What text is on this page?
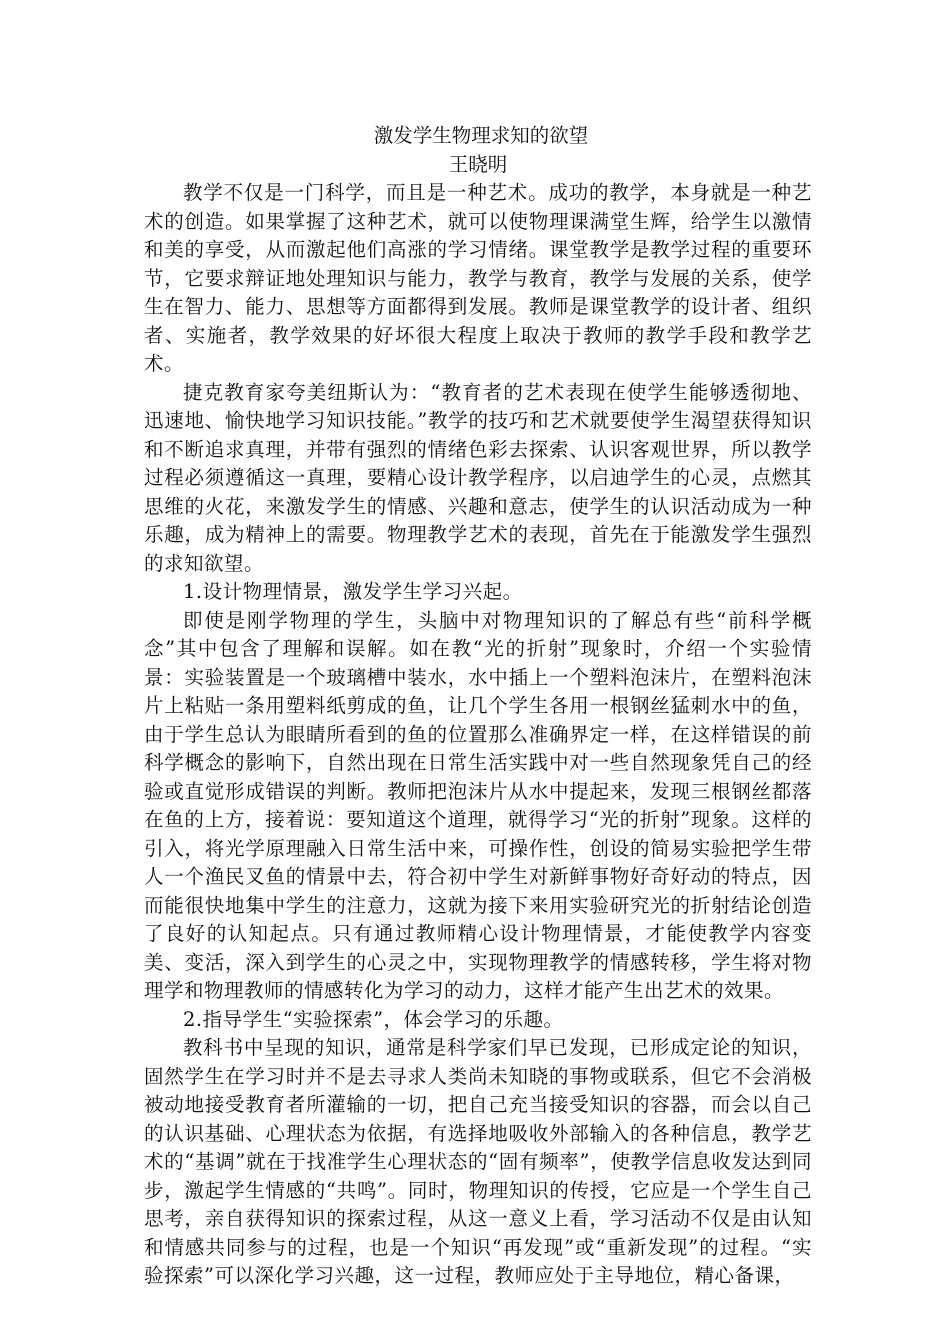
激发学生物理求知的欲望

王晓明

教学不仅是一门科学，而且是一种艺术。成功的教学，本身就是一种艺术的创造。如果掌握了这种艺术，就可以使物理课满堂生辉，给学生以激情和美的享受，从而激起他们高涨的学习情绪。课堂教学是教学过程的重要环节，它要求辩证地处理知识与能力，教学与教育，教学与发展的关系，使学生在智力、能力、思想等方面都得到发展。教师是课堂教学的设计者、组织者、实施者，教学效果的好坏很大程度上取决于教师的教学手段和教学艺术。

捷克教育家夸美纽斯认为：“教育者的艺术表现在使学生能够透彻地、迅速地、愉快地学习知识技能。”教学的技巧和艺术就要使学生渴望获得知识和不断追求真理，并带有强烈的情绪色彩去探索、认识客观世界，所以教学过程必须遵循这一真理，要精心设计教学程序，以启迪学生的心灵，点燃其思维的火花，来激发学生的情感、兴趣和意志，使学生的认识活动成为一种乐趣，成为精神上的需要。物理教学艺术的表现，首先在于能激发学生强烈的求知欲望。

1.设计物理情景，激发学生学习兴起。

即使是刚学物理的学生，头脑中对物理知识的了解总有些“前科学概念”其中包含了理解和误解。如在教“光的折射”现象时，介绍一个实验情景：实验装置是一个玻璃槽中装水，水中插上一个塑料泡沫片，在塑料泡沫片上粘贴一条用塑料纸剪成的鱼，让几个学生各用一根钢丝猛刺水中的鱼，由于学生总认为眼睛所看到的鱼的位置那么准确界定一样，在这样错误的前科学概念的影响下，自然出现在日常生活实践中对一些自然现象凭自己的经验或直觉形成错误的判断。教师把泡沫片从水中提起来，发现三根钢丝都落在鱼的上方，接着说：要知道这个道理，就得学习“光的折射”现象。这样的引入，将光学原理融入日常生活中来，可操作性，创设的简易实验把学生带人一个渔民叉鱼的情景中去，符合初中学生对新鲜事物好奇好动的特点，因而能很快地集中学生的注意力，这就为接下来用实验研究光的折射结论创造了良好的认知起点。只有通过教师精心设计物理情景，才能使教学内容变美、变活，深入到学生的心灵之中，实现物理教学的情感转移，学生将对物理学和物理教师的情感转化为学习的动力，这样才能产生出艺术的效果。

2.指导学生“实验探索”，体会学习的乐趣。

教科书中呈现的知识，通常是科学家们早已发现，已形成定论的知识，固然学生在学习时并不是去寻求人类尚未知晓的事物或联系，但它不会消极被动地接受教育者所灌输的一切，把自己充当接受知识的容器，而会以自己的认识基础、心理状态为依据，有选择地吸收外部输入的各种信息，教学艺术的“基调”就在于找准学生心理状态的“固有频率”，使教学信息收发达到同步，激起学生情感的“共鸣”。同时，物理知识的传授，它应是一个学生自己思考，亲自获得知识的探索过程，从这一意义上看，学习活动不仅是由认知和情感共同参与的过程，也是一个知识“再发现”或“重新发现”的过程。“实验探索”可以深化学习兴趣，这一过程，教师应处于主导地位，精心备课，
